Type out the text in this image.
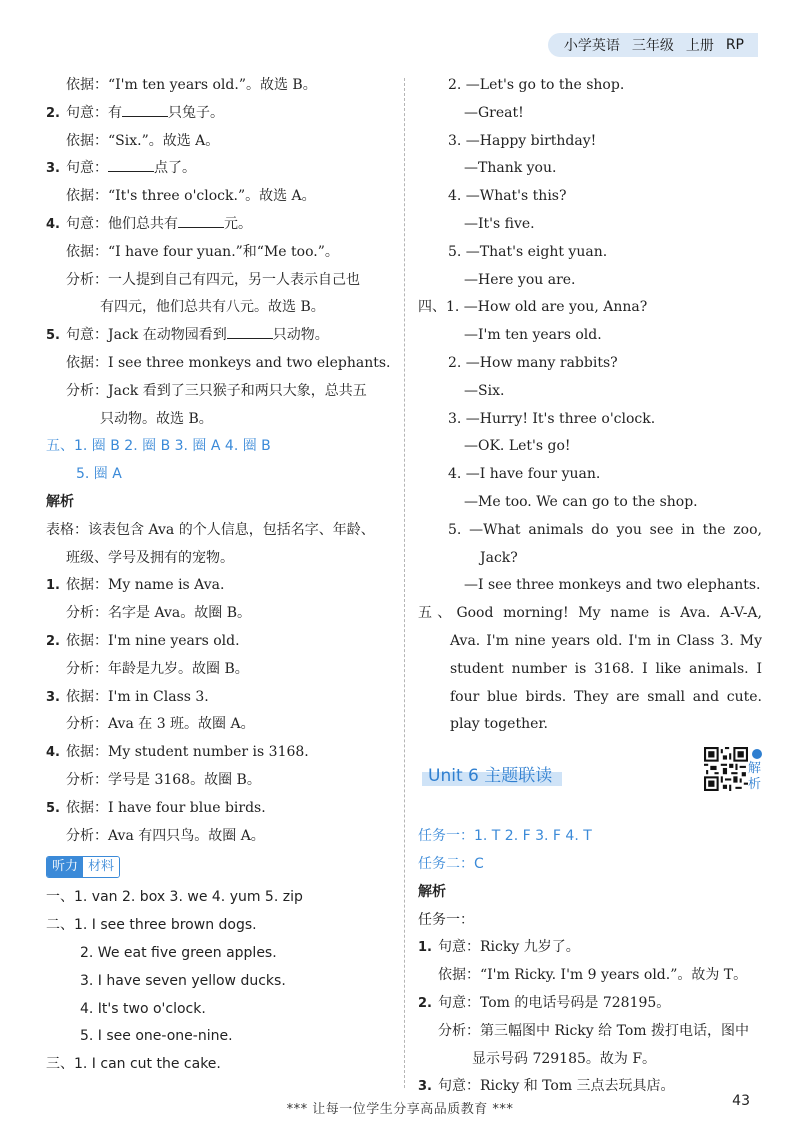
小学英语 三年级 上册 RP
依据：“I'm ten years old.”。故选 B。
2. 句意：有	只兔子。
依据：“Six.”。故选 A。
3. 句意：	点了。
依据：“It's three o'clock.”。故选 A。
4. 句意：他们总共有	元。
依据：“I have four yuan.”和“Me too.”。
分析：一人提到自己有四元，另一人表示自己也
有四元，他们总共有八元。故选 B。
5. 句意：Jack 在动物园看到	只动物。
依据：I see three monkeys and two elephants.
分析：Jack 看到了三只猴子和两只大象，总共五
只动物。故选 B。
五、1. 圈 B 2. 圈 B 3. 圈 A 4. 圈 B
5. 圈 A
解析
表格：该表包含 Ava 的个人信息，包括名字、年龄、
班级、学号及拥有的宠物。
1. 依据：My name is Ava.
分析：名字是 Ava。故圈 B。
2. 依据：I'm nine years old.
分析：年龄是九岁。故圈 B。
3. 依据：I'm in Class 3.
分析：Ava 在 3 班。故圈 A。
4. 依据：My student number is 3168.
分析：学号是 3168。故圈 B。
5. 依据：I have four blue birds.
分析：Ava 有四只鸟。故圈 A。
听力 材料
一、1. van 2. box 3. we 4. yum 5. zip
二、1. I see three brown dogs.
2. We eat five green apples.
3. I have seven yellow ducks.
4. It's two o'clock.
5. I see one-one-nine.
三、1. I can cut the cake.
2. —Let's go to the shop.
—Great!
3. —Happy birthday!
—Thank you.
4. —What's this?
—It's five.
5. —That's eight yuan.
—Here you are.
四、1. —How old are you, Anna?
—I'm ten years old.
2. —How many rabbits?
—Six.
3. —Hurry! It's three o'clock.
—OK. Let's go!
4. —I have four yuan.
—Me too. We can go to the shop.
5. —What animals do you see in the zoo,
Jack?
—I see three monkeys and two elephants.
五、Good morning! My name is Ava. A-V-A,
Ava. I'm nine years old. I'm in Class 3. My
student number is 3168. I like animals. I
four blue birds. They are small and cute.
play together.
Unit 6 主题联读	解析
任务一：1. T 2. F 3. F 4. T
任务二：C
解析
任务一：
1. 句意：Ricky 九岁了。
依据：“I'm Ricky. I'm 9 years old.”。故为 T。
2. 句意：Tom 的电话号码是 728195。
分析：第三幅图中 Ricky 给 Tom 拨打电话，图中
显示号码 729185。故为 F。
3. 句意：Ricky 和 Tom 三点去玩具店。
*** 让每一位学生分享高品质教育 ***
43
